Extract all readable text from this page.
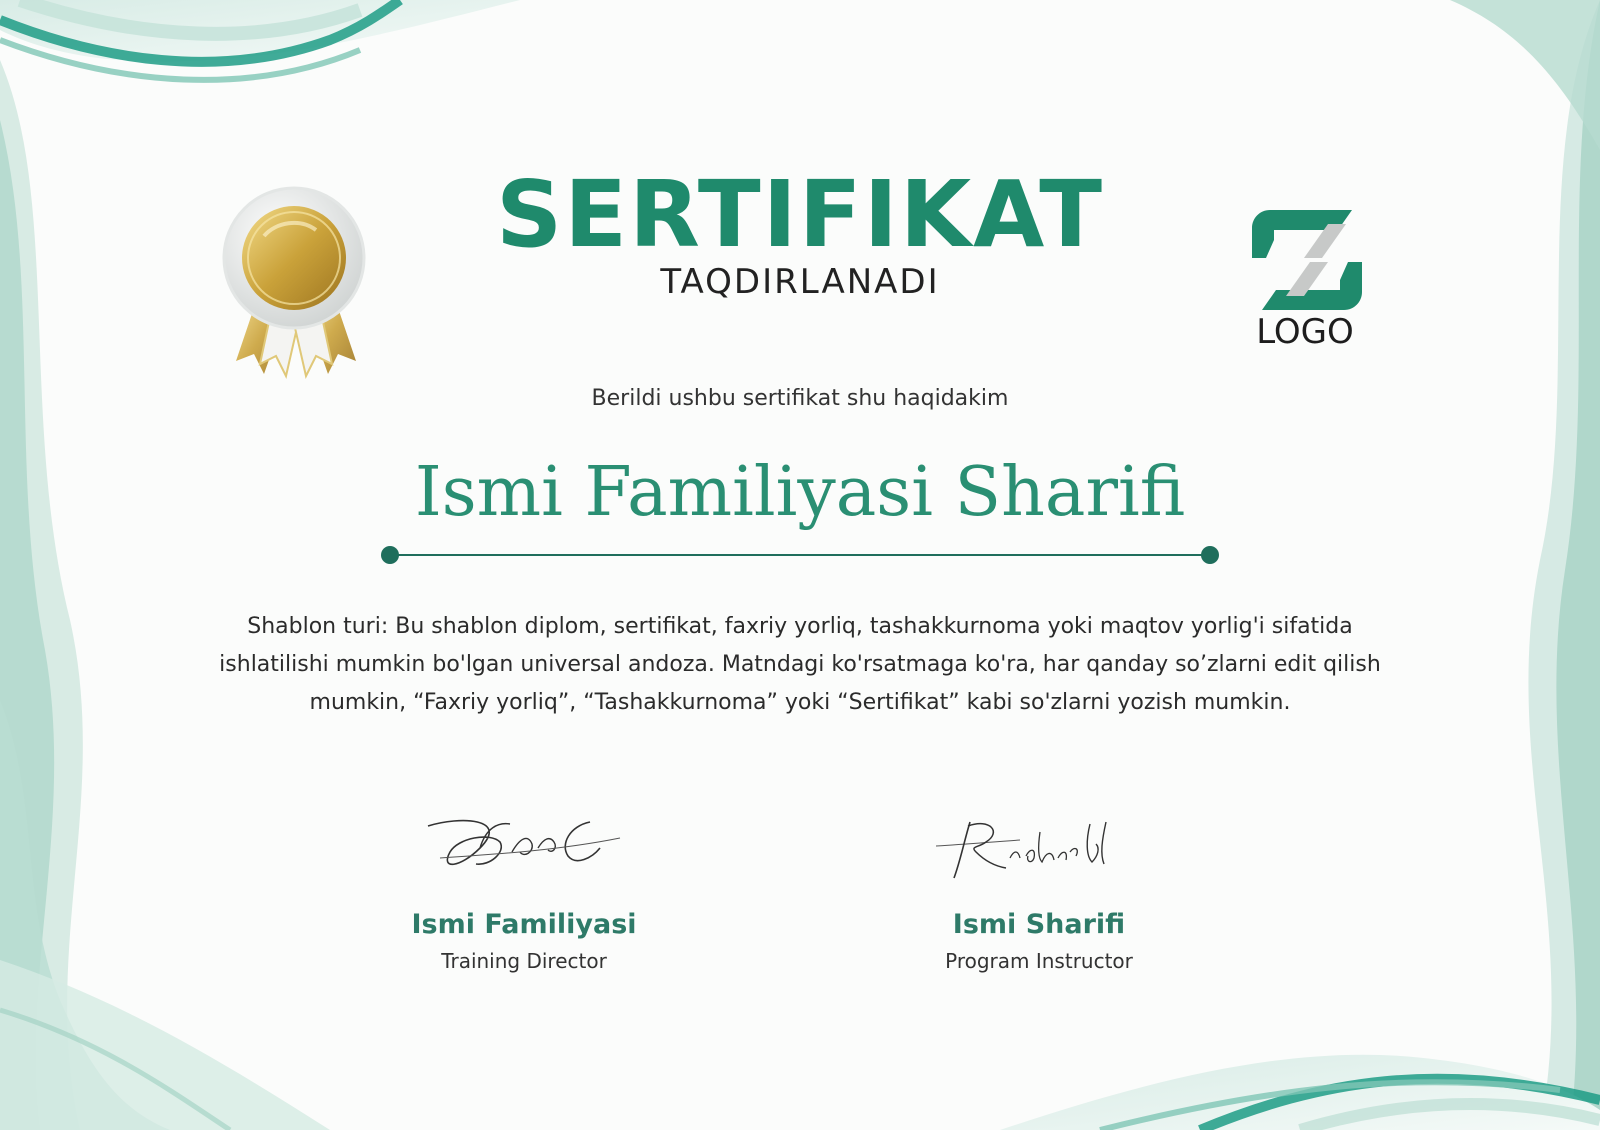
SERTIFIKAT
TAQDIRLANADI
LOGO
Berildi ushbu sertifikat shu haqidakim
Ismi Familiyasi Sharifi
Shablon turi: Bu shablon diplom, sertifikat, faxriy yorliq, tashakkurnoma yoki maqtov yorlig'i sifatida
ishlatilishi mumkin bo'lgan universal andoza. Matndagi ko'rsatmaga ko'ra, har qanday so’zlarni edit qilish
mumkin, “Faxriy yorliq”, “Tashakkurnoma” yoki “Sertifikat” kabi so'zlarni yozish mumkin.
Ismi Familiyasi
Training Director
Ismi Sharifi
Program Instructor
